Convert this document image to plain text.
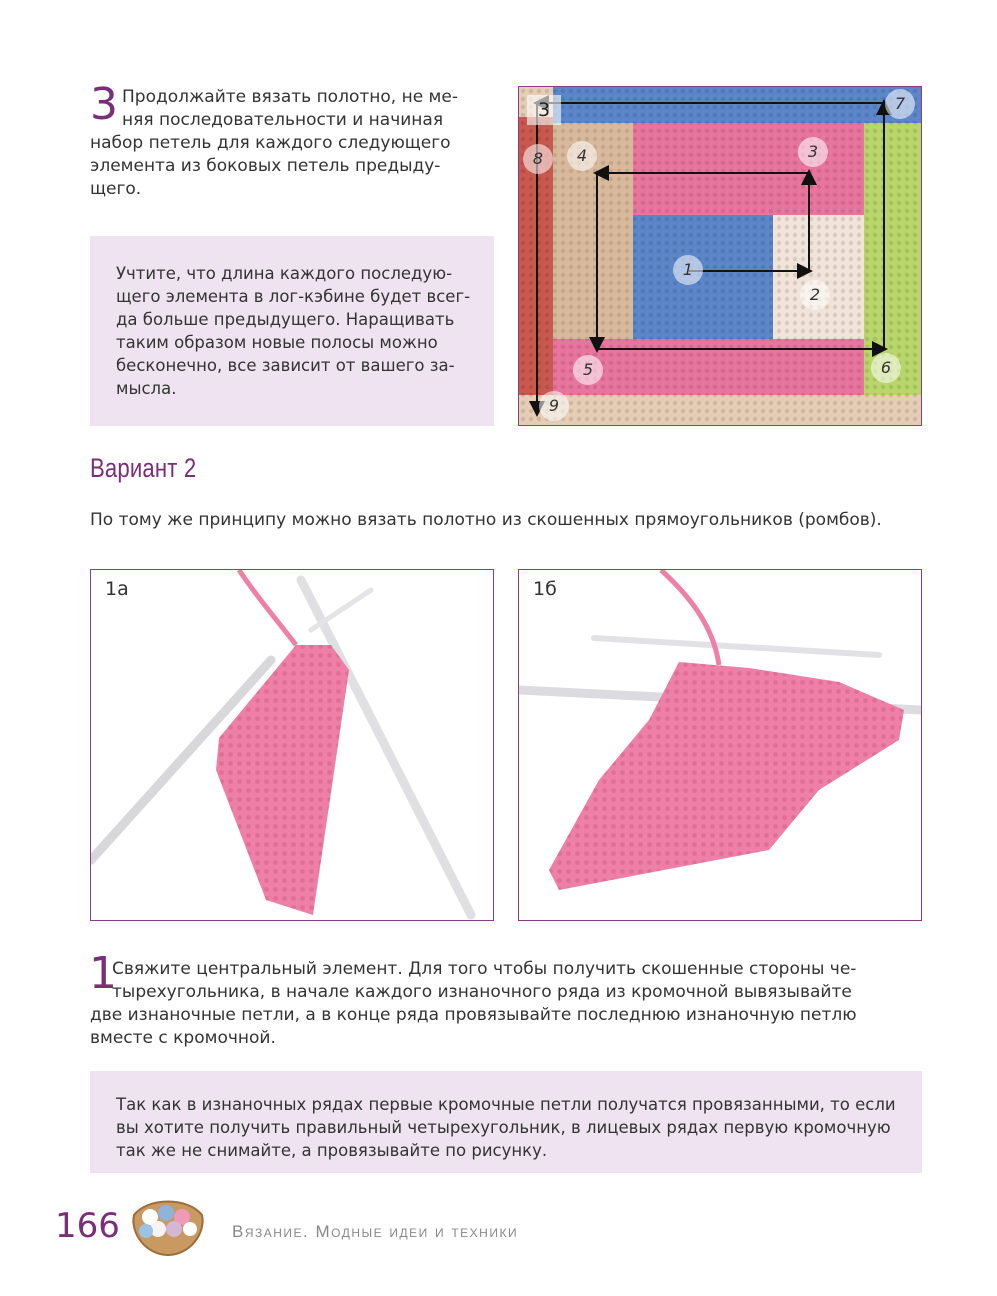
3 Продолжайте вязать полотно, не ме-
няя последовательности и начиная
набор петель для каждого следующего
элемента из боковых петель предыду-
щего.
Учтите, что длина каждого последую-
щего элемента в лог-кэбине будет всег-
да больше предыдущего. Наращивать
таким образом новые полосы можно
бесконечно, все зависит от вашего за-
мысла.
1
2
3
4
5	6
7
8
9
3
Вариант 2
По тому же принципу можно вязать полотно из скошенных прямоугольников (ромбов).
1а	1б
1
Свяжите центральный элемент. Для того чтобы получить скошенные стороны че-
тырехугольника, в начале каждого изнаночного ряда из кромочной вывязывайте
две изнаночные петли, а в конце ряда провязывайте последнюю изнаночную петлю
вместе с кромочной.
Так как в изнаночных рядах первые кромочные петли получатся провязанными, то если
вы хотите получить правильный четырехугольник, в лицевых рядах первую кромочную
так же не снимайте, а провязывайте по рисунку.
166	Вязание. Модные идеи и техники
